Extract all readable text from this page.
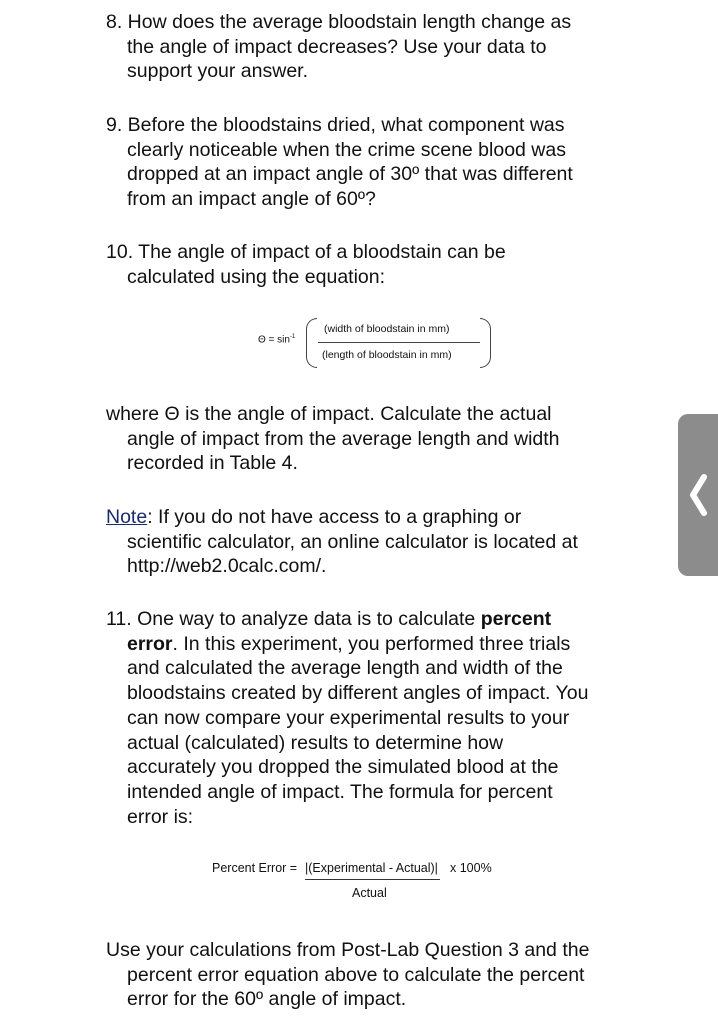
8. How does the average bloodstain length change as
the angle of impact decreases? Use your data to
support your answer.
9. Before the bloodstains dried, what component was
clearly noticeable when the crime scene blood was
dropped at an impact angle of 30º that was different
from an impact angle of 60º?
10. The angle of impact of a bloodstain can be
calculated using the equation:
$\Theta = \sin^{-1}$
(width of bloodstain in mm)
(length of bloodstain in mm)
where Θ is the angle of impact. Calculate the actual
angle of impact from the average length and width
recorded in Table 4.
Note: If you do not have access to a graphing or
scientific calculator, an online calculator is located at
http://web2.0calc.com/.
11. One way to analyze data is to calculate percent
error. In this experiment, you performed three trials
and calculated the average length and width of the
bloodstains created by different angles of impact. You
can now compare your experimental results to your
actual (calculated) results to determine how
accurately you dropped the simulated blood at the
intended angle of impact. The formula for percent
error is:
Percent Error = |(Experimental - Actual)| x 100%
Actual
Use your calculations from Post-Lab Question 3 and the
percent error equation above to calculate the percent
error for the 60º angle of impact.
